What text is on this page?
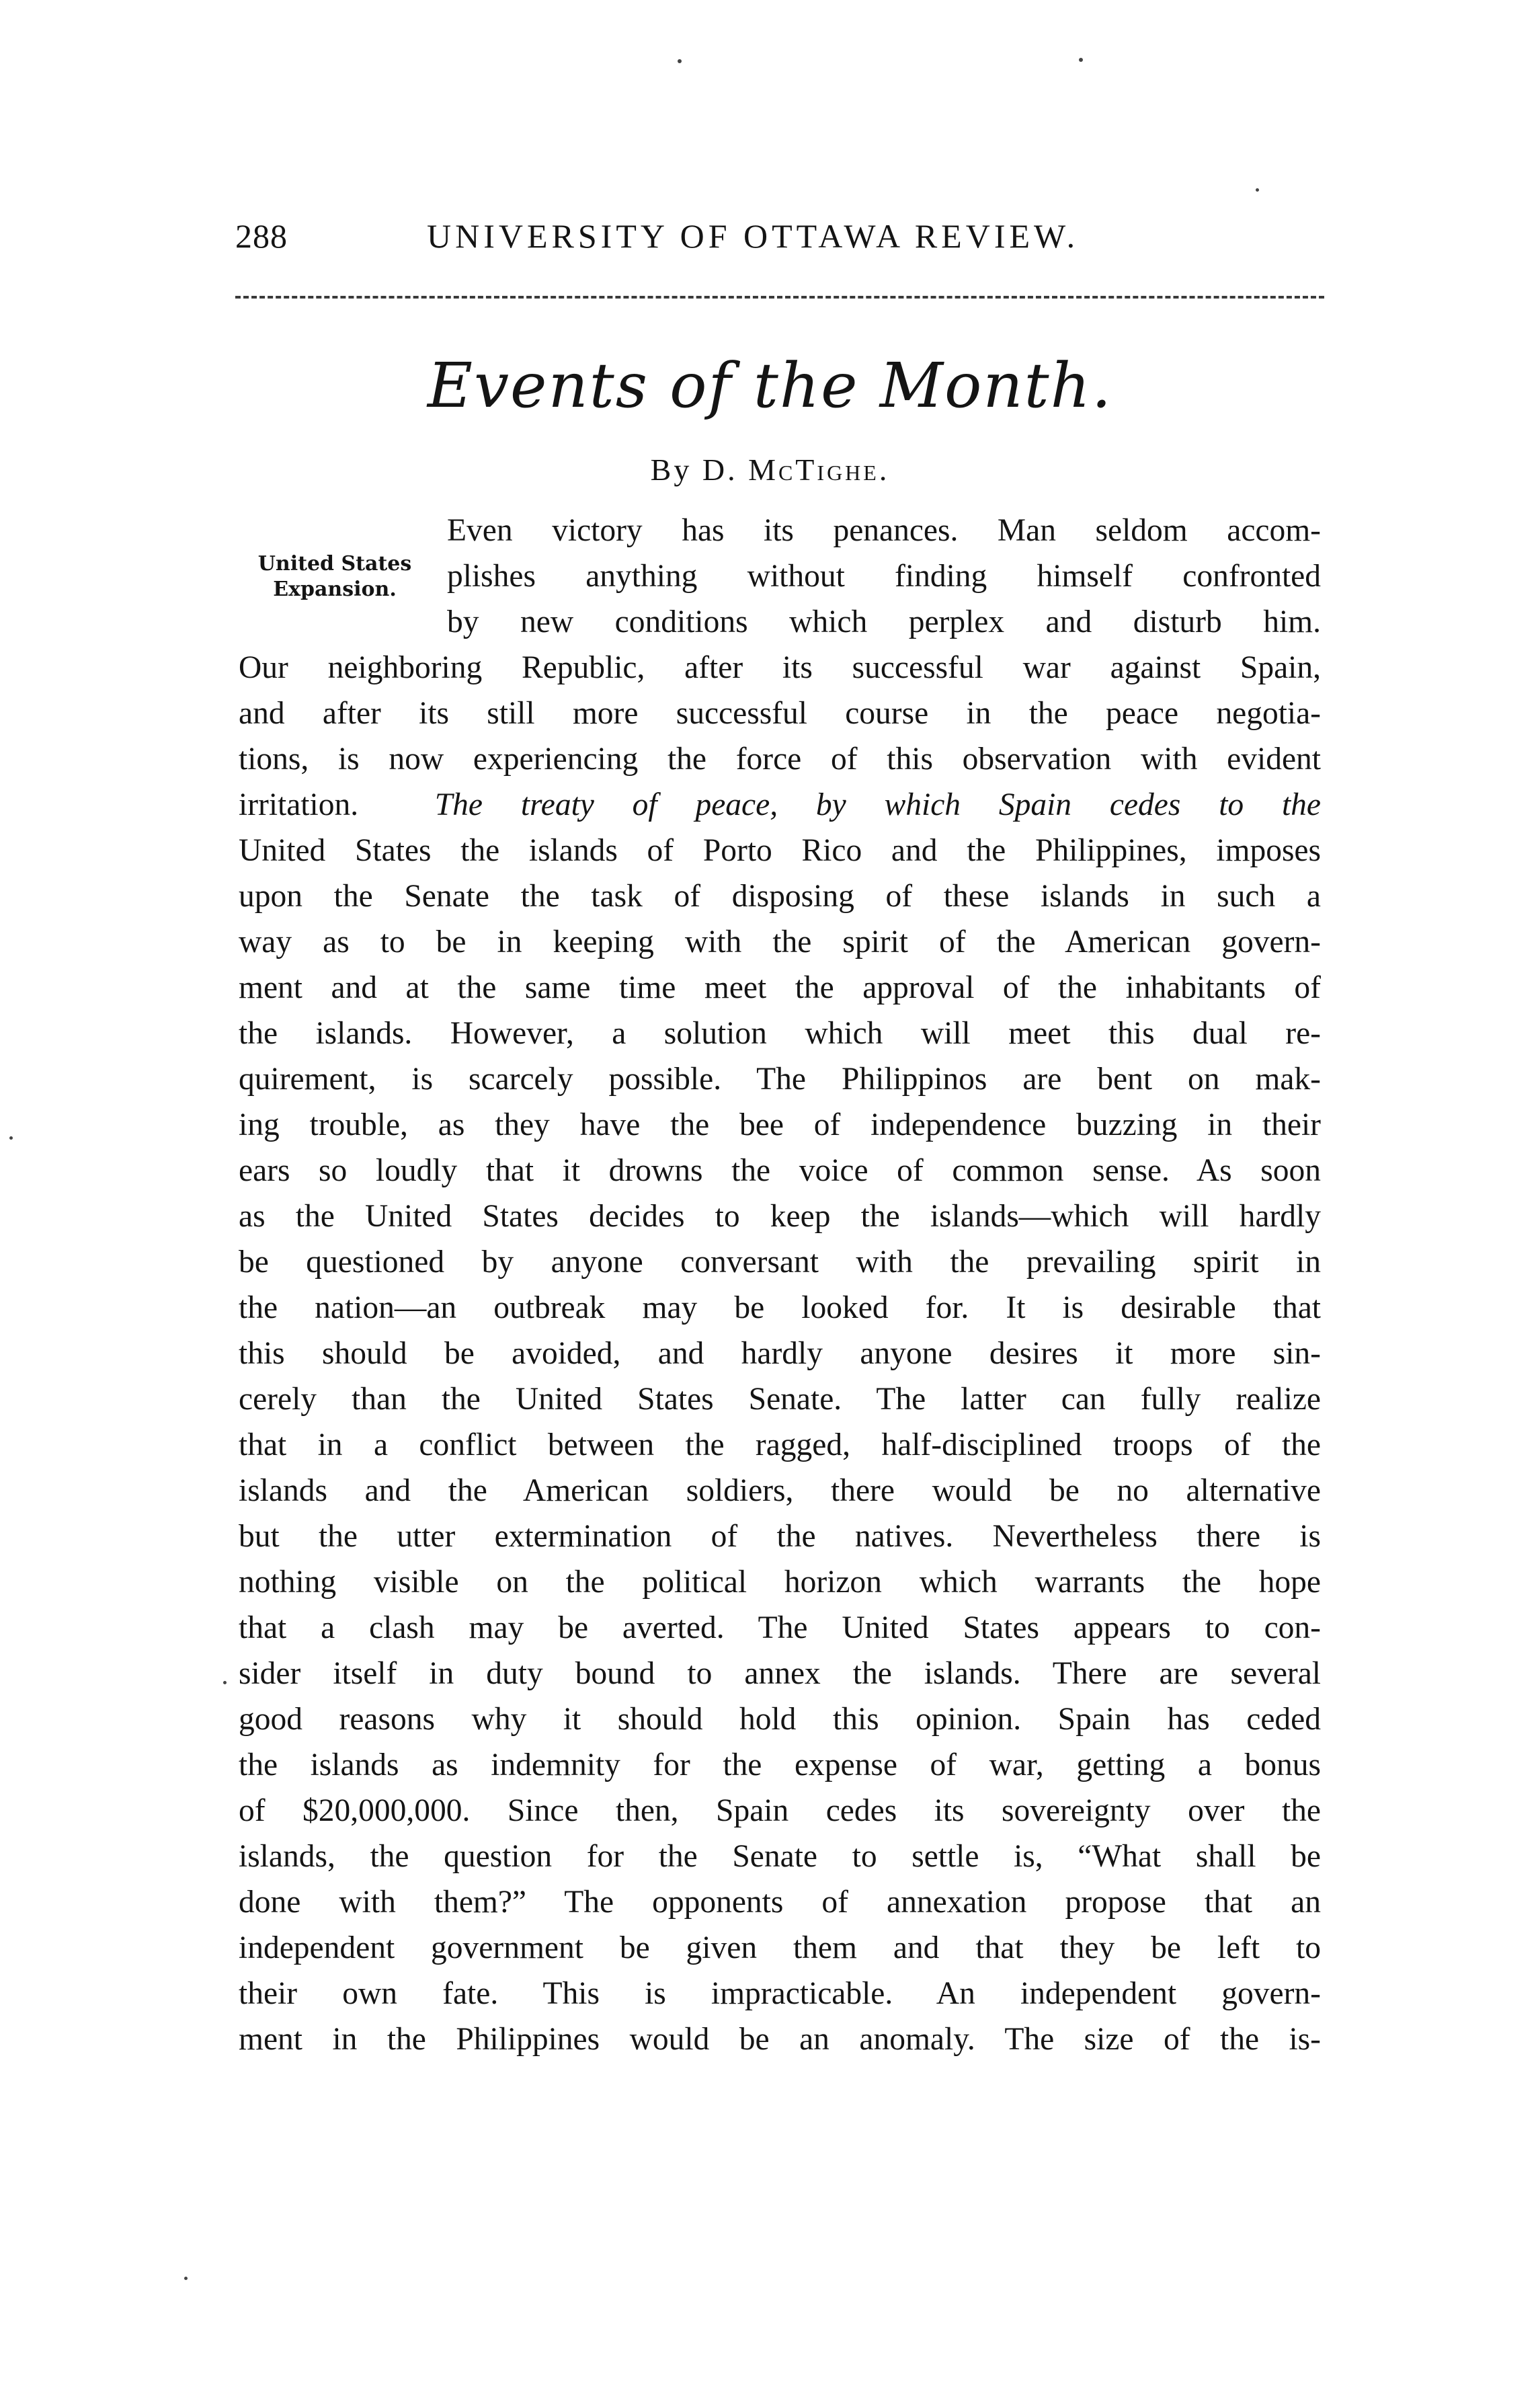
288	UNIVERSITY OF OTTAWA REVIEW.
Events of the Month.
By D. McTighe.
United States
Expansion.
Even victory has its penances. Man seldom accom-
plishes anything without finding himself confronted
by new conditions which perplex and disturb him.
Our neighboring Republic, after its successful war against Spain,
and after its still more successful course in the peace negotia-
tions, is now experiencing the force of this observation with evident
irritation. The treaty of peace, by which Spain cedes to the
United States the islands of Porto Rico and the Philippines, imposes
upon the Senate the task of disposing of these islands in such a
way as to be in keeping with the spirit of the American govern-
ment and at the same time meet the approval of the inhabitants of
the islands. However, a solution which will meet this dual re-
quirement, is scarcely possible. The Philippinos are bent on mak-
ing trouble, as they have the bee of independence buzzing in their
ears so loudly that it drowns the voice of common sense. As soon
as the United States decides to keep the islands—which will hardly
be questioned by anyone conversant with the prevailing spirit in
the nation—an outbreak may be looked for. It is desirable that
this should be avoided, and hardly anyone desires it more sin-
cerely than the United States Senate. The latter can fully realize
that in a conflict between the ragged, half-disciplined troops of the
islands and the American soldiers, there would be no alternative
but the utter extermination of the natives. Nevertheless there is
nothing visible on the political horizon which warrants the hope
that a clash may be averted. The United States appears to con-
sider itself in duty bound to annex the islands. There are several
good reasons why it should hold this opinion. Spain has ceded
the islands as indemnity for the expense of war, getting a bonus
of $20,000,000. Since then, Spain cedes its sovereignty over the
islands, the question for the Senate to settle is, “What shall be
done with them?” The opponents of annexation propose that an
independent government be given them and that they be left to
their own fate. This is impracticable. An independent govern-
ment in the Philippines would be an anomaly. The size of the is-
